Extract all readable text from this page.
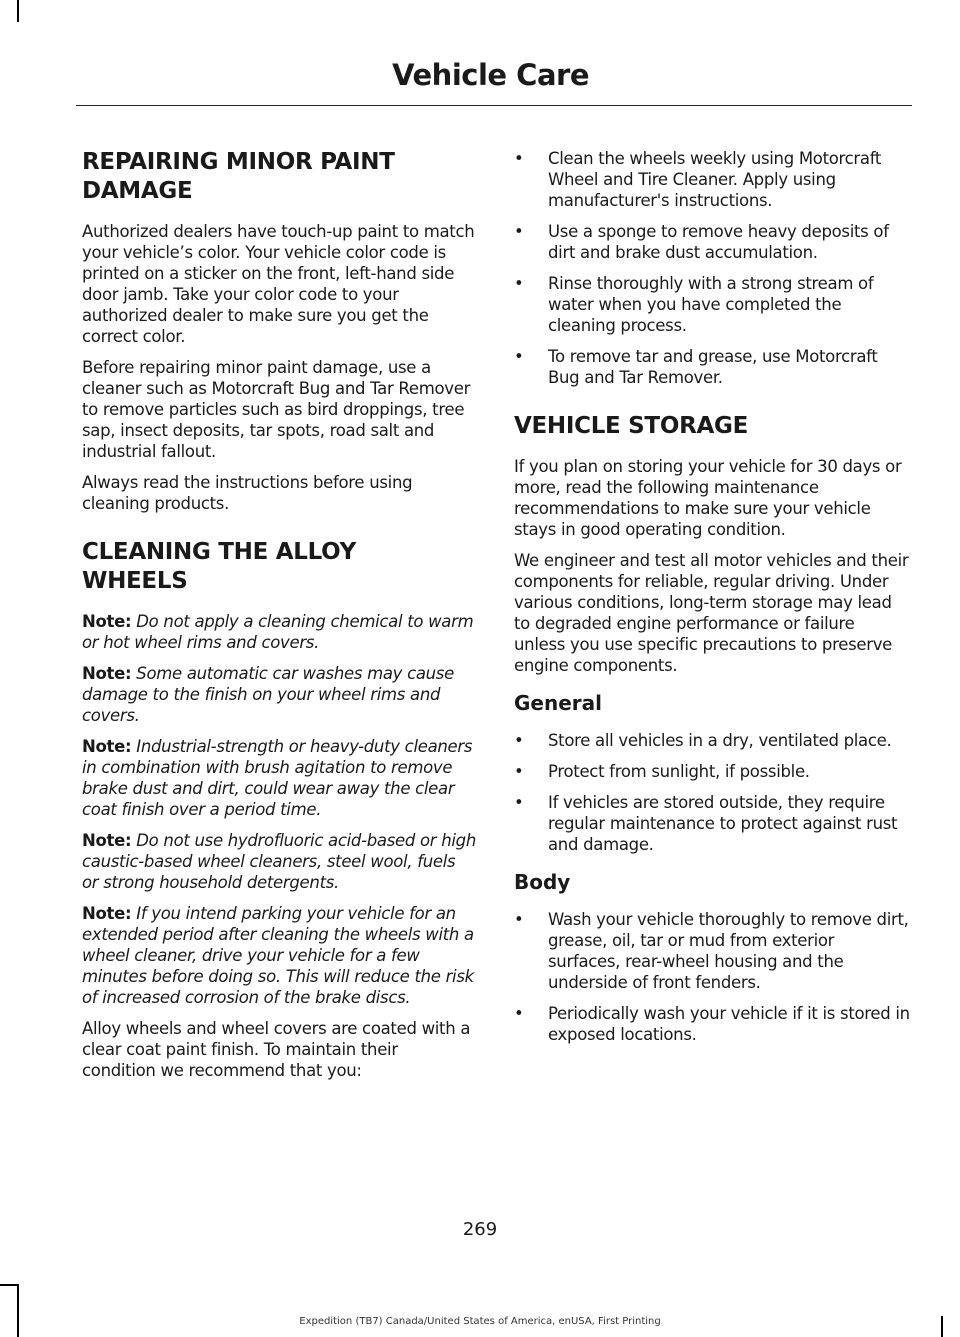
Vehicle Care
REPAIRING MINOR PAINT
DAMAGE

Authorized dealers have touch-up paint to match your vehicle’s color. Your vehicle color code is printed on a sticker on the front, left-hand side door jamb. Take your color code to your authorized dealer to make sure you get the correct color.

Before repairing minor paint damage, use a cleaner such as Motorcraft Bug and Tar Remover to remove particles such as bird droppings, tree sap, insect deposits, tar spots, road salt and industrial fallout.

Always read the instructions before using cleaning products.

CLEANING THE ALLOY
WHEELS

Note: Do not apply a cleaning chemical to warm or hot wheel rims and covers.

Note: Some automatic car washes may cause damage to the finish on your wheel rims and covers.

Note: Industrial-strength or heavy-duty cleaners in combination with brush agitation to remove brake dust and dirt, could wear away the clear coat finish over a period time.

Note: Do not use hydrofluoric acid-based or high caustic-based wheel cleaners, steel wool, fuels or strong household detergents.

Note: If you intend parking your vehicle for an extended period after cleaning the wheels with a wheel cleaner, drive your vehicle for a few minutes before doing so. This will reduce the risk of increased corrosion of the brake discs.

Alloy wheels and wheel covers are coated with a clear coat paint finish. To maintain their condition we recommend that you:

•	Clean the wheels weekly using Motorcraft Wheel and Tire Cleaner. Apply using manufacturer's instructions.
•	Use a sponge to remove heavy deposits of dirt and brake dust accumulation.
•	Rinse thoroughly with a strong stream of water when you have completed the cleaning process.
•	To remove tar and grease, use Motorcraft Bug and Tar Remover.
VEHICLE STORAGE

If you plan on storing your vehicle for 30 days or more, read the following maintenance recommendations to make sure your vehicle stays in good operating condition.

We engineer and test all motor vehicles and their components for reliable, regular driving. Under various conditions, long-term storage may lead to degraded engine performance or failure unless you use specific precautions to preserve engine components.

General
•	Store all vehicles in a dry, ventilated place.
•	Protect from sunlight, if possible.
•	If vehicles are stored outside, they require regular maintenance to protect against rust and damage.
Body
•	Wash your vehicle thoroughly to remove dirt, grease, oil, tar or mud from exterior surfaces, rear-wheel housing and the underside of front fenders.
•	Periodically wash your vehicle if it is stored in exposed locations.
269
Expedition (TB7) Canada/United States of America, enUSA, First Printing
